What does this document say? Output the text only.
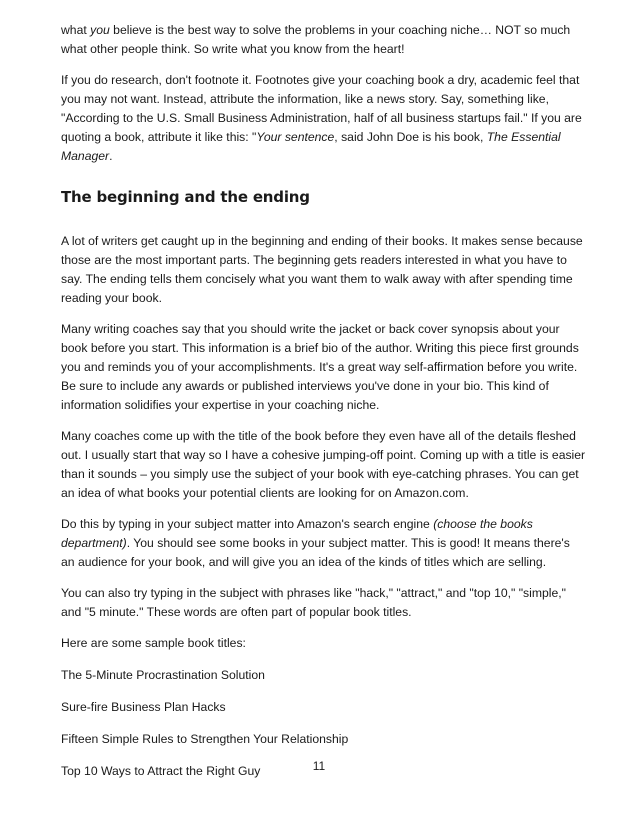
what you believe is the best way to solve the problems in your coaching niche… NOT so much what other people think. So write what you know from the heart!

If you do research, don't footnote it. Footnotes give your coaching book a dry, academic feel that you may not want. Instead, attribute the information, like a news story. Say, something like, "According to the U.S. Small Business Administration, half of all business startups fail." If you are quoting a book, attribute it like this: "Your sentence, said John Doe is his book, The Essential Manager.

The beginning and the ending

A lot of writers get caught up in the beginning and ending of their books. It makes sense because those are the most important parts. The beginning gets readers interested in what you have to say. The ending tells them concisely what you want them to walk away with after spending time reading your book.

Many writing coaches say that you should write the jacket or back cover synopsis about your book before you start. This information is a brief bio of the author. Writing this piece first grounds you and reminds you of your accomplishments. It's a great way self-affirmation before you write. Be sure to include any awards or published interviews you've done in your bio. This kind of information solidifies your expertise in your coaching niche.

Many coaches come up with the title of the book before they even have all of the details fleshed out. I usually start that way so I have a cohesive jumping-off point. Coming up with a title is easier than it sounds – you simply use the subject of your book with eye-catching phrases. You can get an idea of what books your potential clients are looking for on Amazon.com.

Do this by typing in your subject matter into Amazon's search engine (choose the books department). You should see some books in your subject matter. This is good! It means there's an audience for your book, and will give you an idea of the kinds of titles which are selling.

You can also try typing in the subject with phrases like "hack," "attract," and "top 10," "simple," and "5 minute." These words are often part of popular book titles.

Here are some sample book titles:

The 5-Minute Procrastination Solution

Sure-fire Business Plan Hacks

Fifteen Simple Rules to Strengthen Your Relationship

Top 10 Ways to Attract the Right Guy	11
